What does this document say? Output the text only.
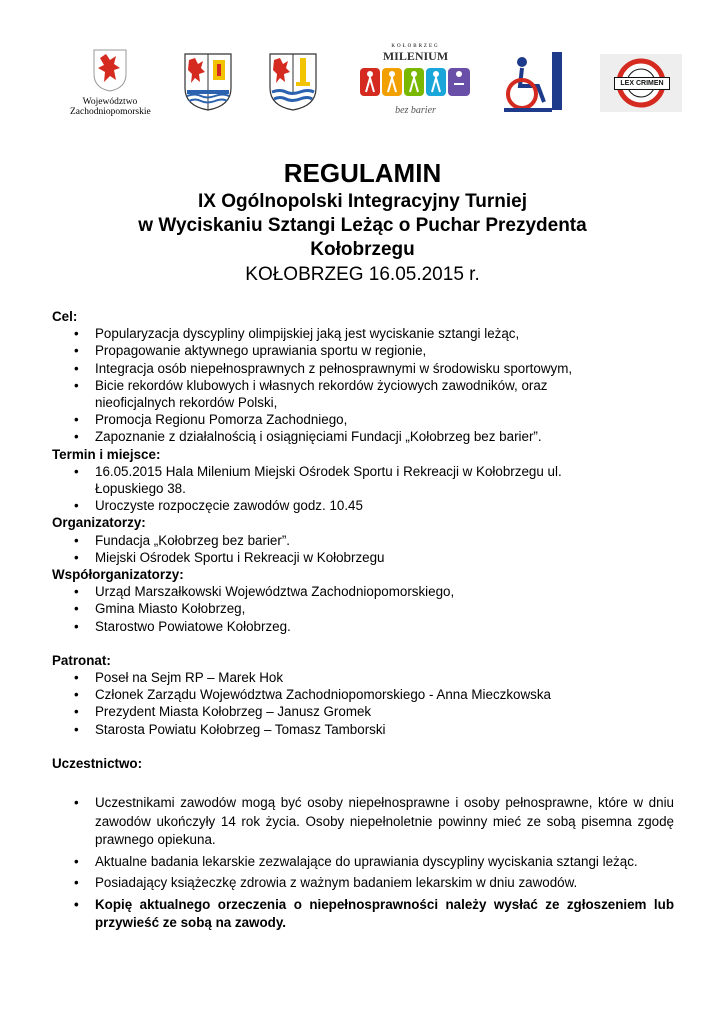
Województwo
Zachodniopomorskie
KOŁOBRZEG
MILENIUM
bez barier
LEX CRIMEN

REGULAMIN

IX Ogólnopolski Integracyjny Turniej

w Wyciskaniu Sztangi Leżąc o Puchar Prezydenta

Kołobrzegu

KOŁOBRZEG 16.05.2015 r.

Cel:
• Popularyzacja dyscypliny olimpijskiej jaką jest wyciskanie sztangi leżąc,
• Propagowanie aktywnego uprawiania sportu w regionie,
• Integracja osób niepełnosprawnych z pełnosprawnymi w środowisku sportowym,
• Bicie rekordów klubowych i własnych rekordów życiowych zawodników, oraz
nieoficjalnych rekordów Polski,
• Promocja Regionu Pomorza Zachodniego,
• Zapoznanie z działalnością i osiągnięciami Fundacji „Kołobrzeg bez barier”.
Termin i miejsce:
• 16.05.2015 Hala Milenium Miejski Ośrodek Sportu i Rekreacji w Kołobrzegu ul.
Łopuskiego 38.
• Uroczyste rozpoczęcie zawodów godz. 10.45
Organizatorzy:
• Fundacja „Kołobrzeg bez barier”.
• Miejski Ośrodek Sportu i Rekreacji w Kołobrzegu
Współorganizatorzy:
• Urząd Marszałkowski Województwa Zachodniopomorskiego,
• Gmina Miasto Kołobrzeg,
• Starostwo Powiatowe Kołobrzeg.
Patronat:
• Poseł na Sejm RP – Marek Hok
• Członek Zarządu Województwa Zachodniopomorskiego - Anna Mieczkowska
• Prezydent Miasta Kołobrzeg – Janusz Gromek
• Starosta Powiatu Kołobrzeg – Tomasz Tamborski
Uczestnictwo:
• Uczestnikami zawodów mogą być osoby niepełnosprawne i osoby pełnosprawne, które w dniu zawodów ukończyły 14 rok życia. Osoby niepełnoletnie powinny mieć ze sobą pisemna zgodę prawnego opiekuna.
• Aktualne badania lekarskie zezwalające do uprawiania dyscypliny wyciskania sztangi leżąc.
• Posiadający książeczkę zdrowia z ważnym badaniem lekarskim w dniu zawodów.
• Kopię aktualnego orzeczenia o niepełnosprawności należy wysłać ze zgłoszeniem lub przywieść ze sobą na zawody.
